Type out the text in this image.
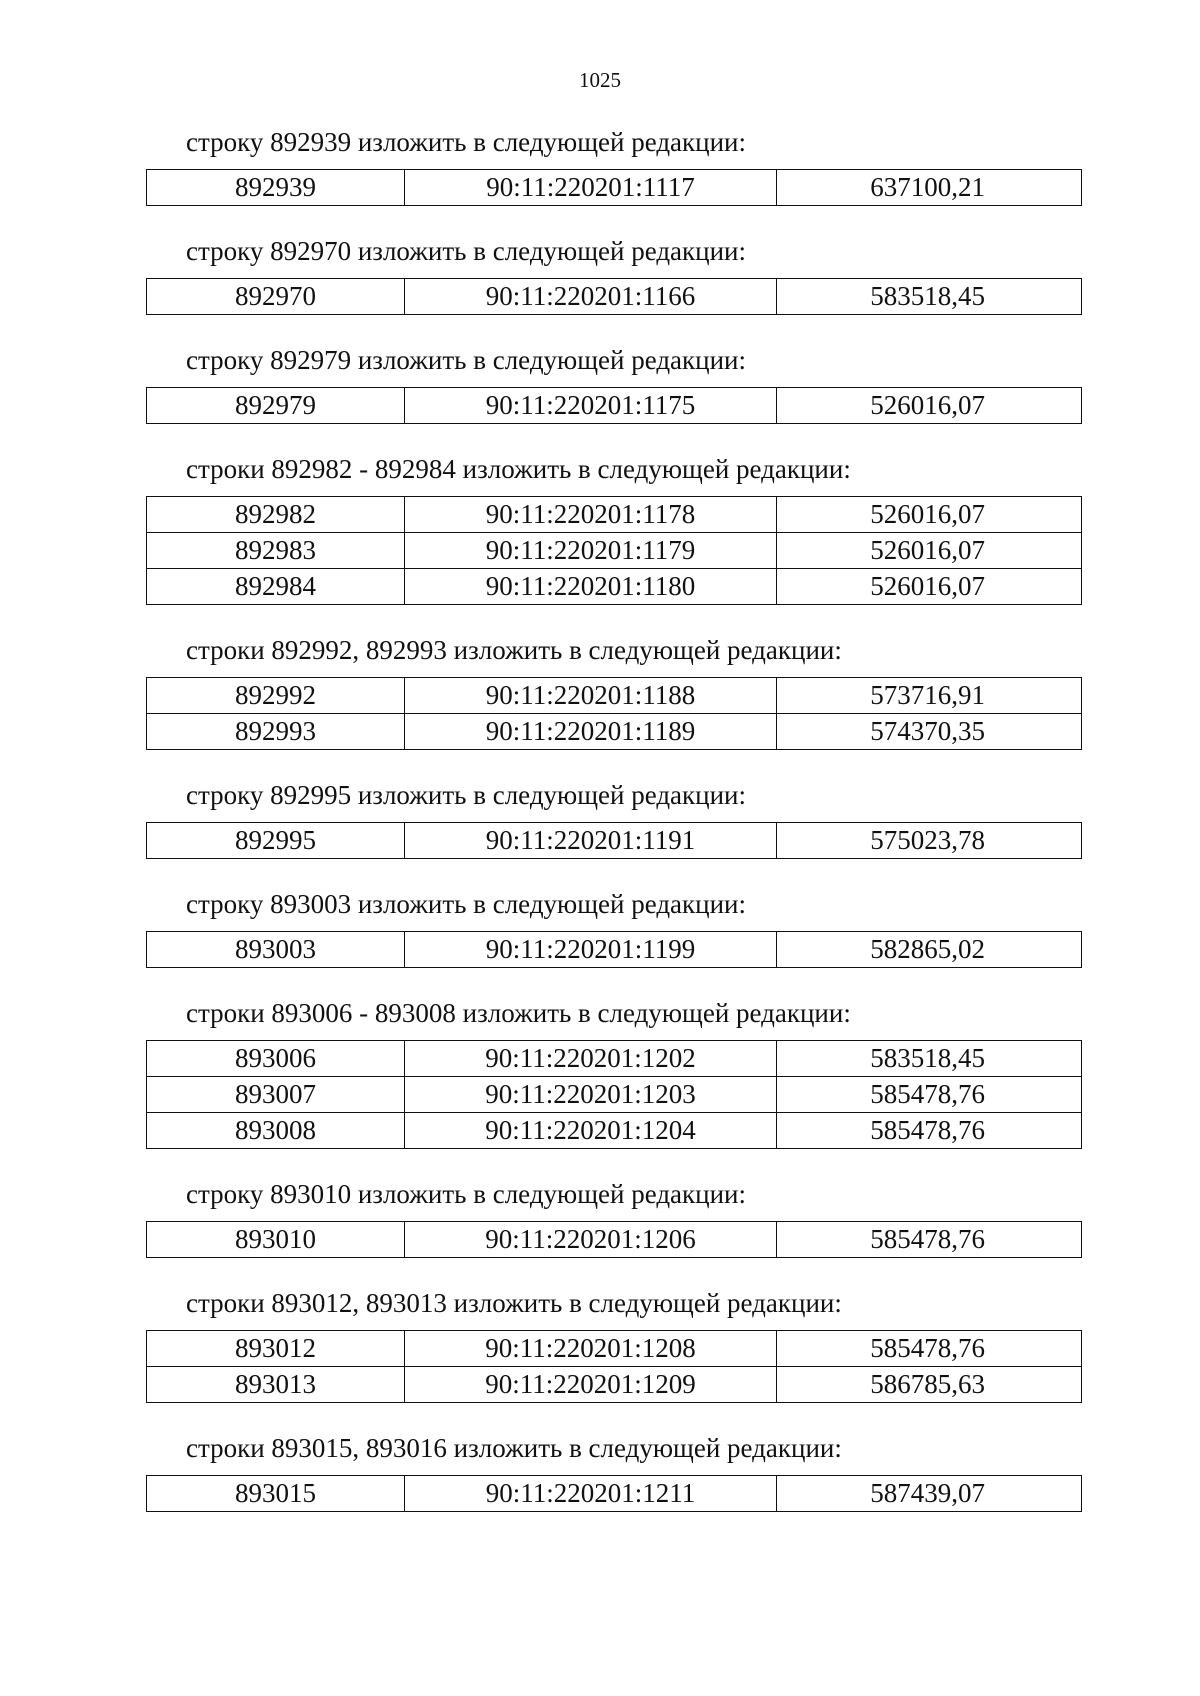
1025

строку 892939 изложить в следующей редакции:

892939	90:11:220201:1117	637100,21

строку 892970 изложить в следующей редакции:

892970	90:11:220201:1166	583518,45

строку 892979 изложить в следующей редакции:

892979	90:11:220201:1175	526016,07

строки 892982 - 892984 изложить в следующей редакции:

892982	90:11:220201:1178	526016,07
892983	90:11:220201:1179	526016,07
892984	90:11:220201:1180	526016,07

строки 892992, 892993 изложить в следующей редакции:

892992	90:11:220201:1188	573716,91
892993	90:11:220201:1189	574370,35

строку 892995 изложить в следующей редакции:

892995	90:11:220201:1191	575023,78

строку 893003 изложить в следующей редакции:

893003	90:11:220201:1199	582865,02

строки 893006 - 893008 изложить в следующей редакции:

893006	90:11:220201:1202	583518,45
893007	90:11:220201:1203	585478,76
893008	90:11:220201:1204	585478,76

строку 893010 изложить в следующей редакции:

893010	90:11:220201:1206	585478,76

строки 893012, 893013 изложить в следующей редакции:

893012	90:11:220201:1208	585478,76
893013	90:11:220201:1209	586785,63

строки 893015, 893016 изложить в следующей редакции:

893015	90:11:220201:1211	587439,07
